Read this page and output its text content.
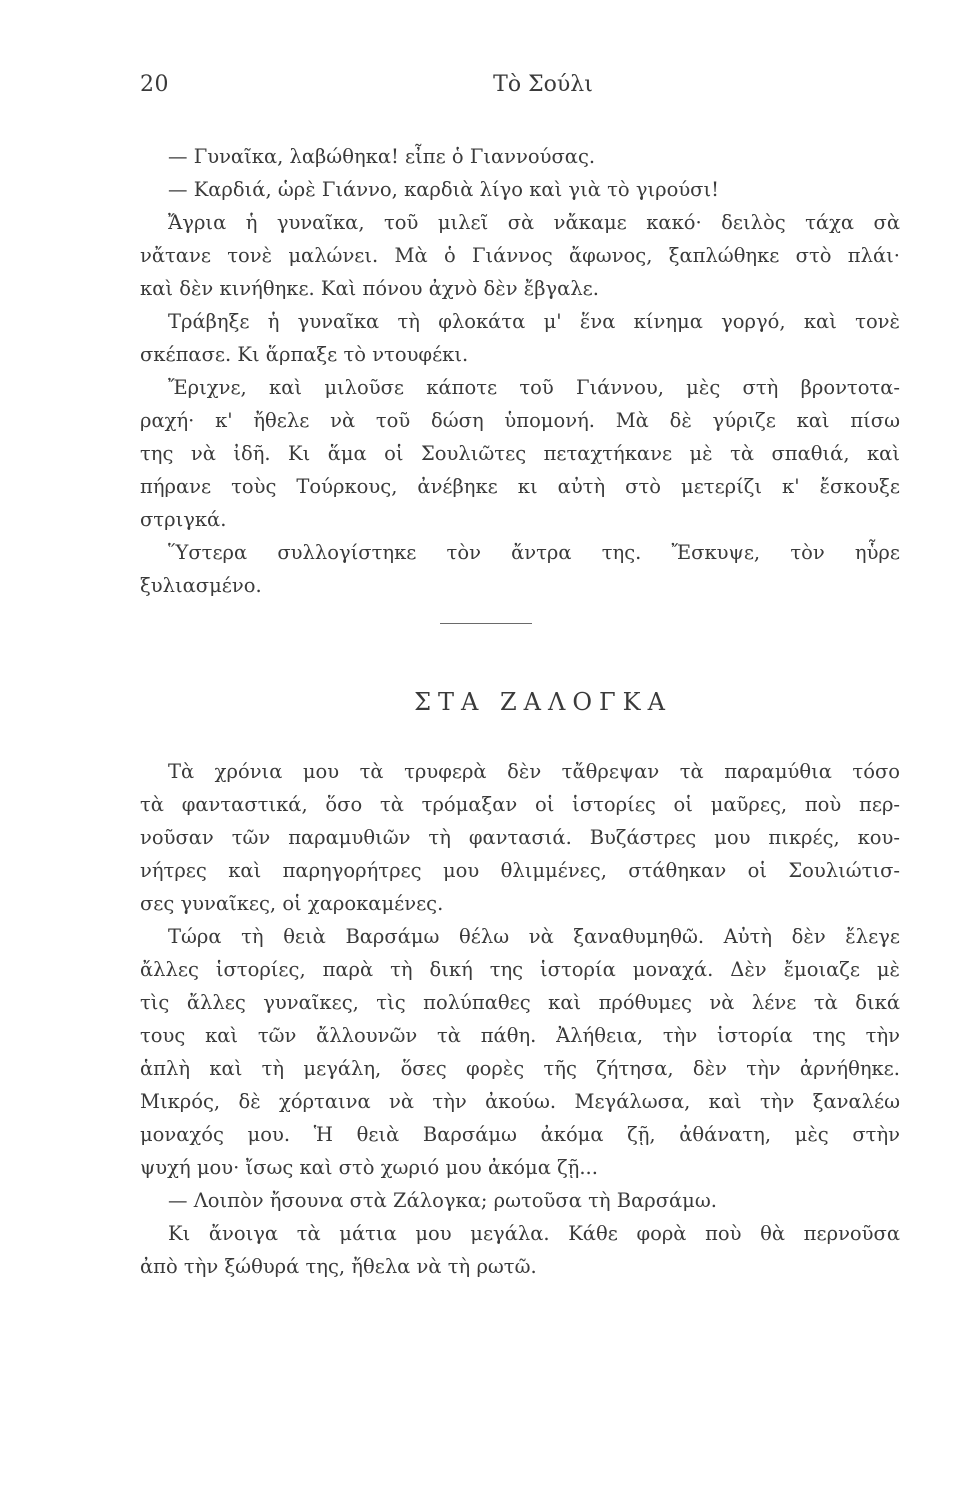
20	Τὸ Σούλι
— Γυναῖκα, λαβώθηκα! εἶπε ὁ Γιαννούσας.
— Καρδιά, ὡρὲ Γιάννο, καρδιὰ λίγο καὶ γιὰ τὸ γιρούσι!
Ἄγρια ἡ γυναῖκα, τοῦ μιλεῖ σὰ νἄκαμε κακό· δειλὸς τάχα σὰ
νἄτανε τονὲ μαλώνει. Μὰ ὁ Γιάννος ἄφωνος, ξαπλώθηκε στὸ πλάι·
καὶ δὲν κινήθηκε. Καὶ πόνου ἀχνὸ δὲν ἔβγαλε.
Τράβηξε ἡ γυναῖκα τὴ φλοκάτα μ' ἕνα κίνημα γοργό, καὶ τονὲ
σκέπασε. Κι ἅρπαξε τὸ ντουφέκι.
Ἔριχνε, καὶ μιλοῦσε κάποτε τοῦ Γιάννου, μὲς στὴ βροντοτα-
ραχή· κ' ἤθελε νὰ τοῦ δώση ὑπομονή. Μὰ δὲ γύριζε καὶ πίσω
της νὰ ἰδῆ. Κι ἅμα οἱ Σουλιῶτες πεταχτήκανε μὲ τὰ σπαθιά, καὶ
πήρανε τοὺς Τούρκους, ἀνέβηκε κι αὐτὴ στὸ μετερίζι κ' ἔσκουξε
στριγκά.
Ὕστερα συλλογίστηκε τὸν ἄντρα της. Ἔσκυψε, τὸν ηὗρε
ξυλιασμένο.
ΣΤΑ ΖΑΛΟΓΚΑ
Τὰ χρόνια μου τὰ τρυφερὰ δὲν τἄθρεψαν τὰ παραμύθια τόσο
τὰ φανταστικά, ὅσο τὰ τρόμαξαν οἱ ἱστορίες οἱ μαῦρες, ποὺ περ-
νοῦσαν τῶν παραμυθιῶν τὴ φαντασιά. Βυζάστρες μου πικρές, κου-
νήτρες καὶ παρηγορήτρες μου θλιμμένες, στάθηκαν οἱ Σουλιώτισ-
σες γυναῖκες, οἱ χαροκαμένες.
Τώρα τὴ θειὰ Βαρσάμω θέλω νὰ ξαναθυμηθῶ. Αὐτὴ δὲν ἔλεγε
ἄλλες ἱστορίες, παρὰ τὴ δική της ἱστορία μοναχά. Δὲν ἔμοιαζε μὲ
τὶς ἄλλες γυναῖκες, τὶς πολύπαθες καὶ πρόθυμες νὰ λένε τὰ δικά
τους καὶ τῶν ἄλλουνῶν τὰ πάθη. Ἀλήθεια, τὴν ἱστορία της τὴν
ἁπλὴ καὶ τὴ μεγάλη, ὅσες φορὲς τῆς ζήτησα, δὲν τὴν ἀρνήθηκε.
Μικρός, δὲ χόρταινα νὰ τὴν ἀκούω. Μεγάλωσα, καὶ τὴν ξαναλέω
μοναχός μου. Ἡ θειὰ Βαρσάμω ἀκόμα ζῇ, ἀθάνατη, μὲς στὴν
ψυχή μου· ἴσως καὶ στὸ χωριό μου ἀκόμα ζῇ...
— Λοιπὸν ἤσουνα στὰ Ζάλογκα; ρωτοῦσα τὴ Βαρσάμω.
Κι ἄνοιγα τὰ μάτια μου μεγάλα. Κάθε φορὰ ποὺ θὰ περνοῦσα
ἀπὸ τὴν ξώθυρά της, ἤθελα νὰ τὴ ρωτῶ.
